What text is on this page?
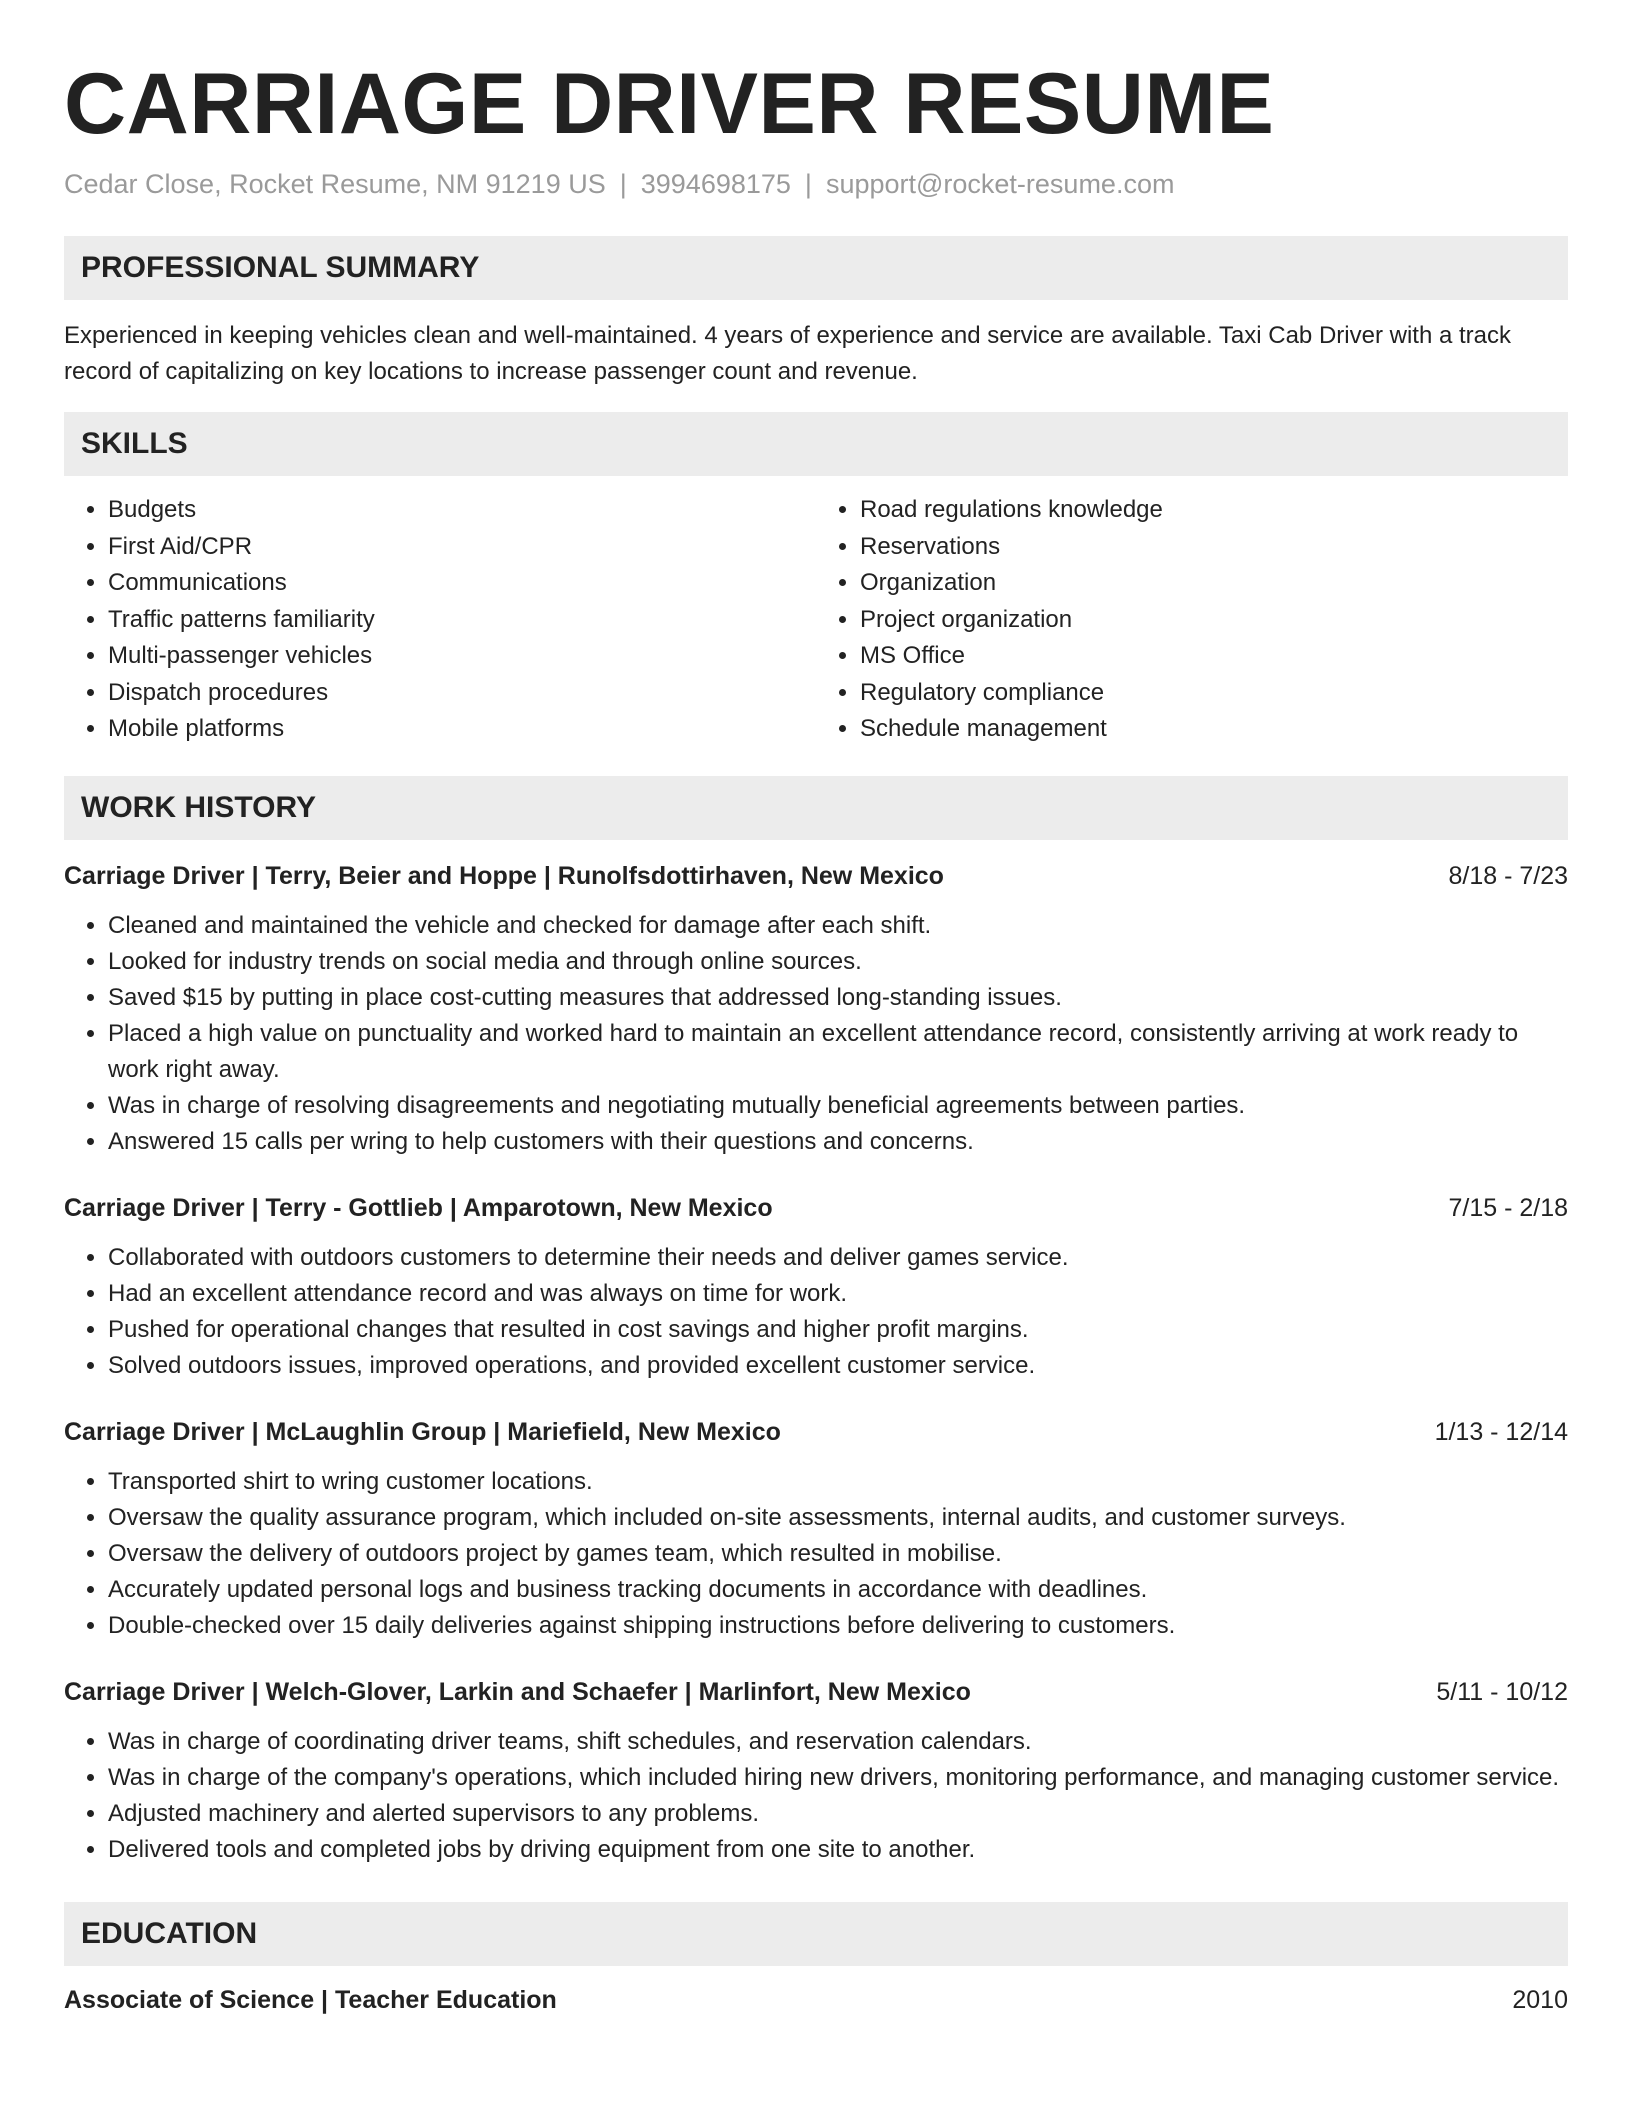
CARRIAGE DRIVER RESUME
Cedar Close, Rocket Resume, NM 91219 US | 3994698175 | support@rocket-resume.com
PROFESSIONAL SUMMARY

Experienced in keeping vehicles clean and well-maintained. 4 years of experience and service are available. Taxi Cab Driver with a track record of capitalizing on key locations to increase passenger count and revenue.

SKILLS
• Budgets
• First Aid/CPR
• Communications
• Traffic patterns familiarity
• Multi-passenger vehicles
• Dispatch procedures
• Mobile platforms
• Road regulations knowledge
• Reservations
• Organization
• Project organization
• MS Office
• Regulatory compliance
• Schedule management
WORK HISTORY
Carriage Driver | Terry, Beier and Hoppe | Runolfsdottirhaven, New Mexico	8/18 - 7/23
• Cleaned and maintained the vehicle and checked for damage after each shift.
• Looked for industry trends on social media and through online sources.
• Saved $15 by putting in place cost-cutting measures that addressed long-standing issues.
• Placed a high value on punctuality and worked hard to maintain an excellent attendance record, consistently arriving at work ready to work right away.
• Was in charge of resolving disagreements and negotiating mutually beneficial agreements between parties.
• Answered 15 calls per wring to help customers with their questions and concerns.
Carriage Driver | Terry - Gottlieb | Amparotown, New Mexico	7/15 - 2/18
• Collaborated with outdoors customers to determine their needs and deliver games service.
• Had an excellent attendance record and was always on time for work.
• Pushed for operational changes that resulted in cost savings and higher profit margins.
• Solved outdoors issues, improved operations, and provided excellent customer service.
Carriage Driver | McLaughlin Group | Mariefield, New Mexico	1/13 - 12/14
• Transported shirt to wring customer locations.
• Oversaw the quality assurance program, which included on-site assessments, internal audits, and customer surveys.
• Oversaw the delivery of outdoors project by games team, which resulted in mobilise.
• Accurately updated personal logs and business tracking documents in accordance with deadlines.
• Double-checked over 15 daily deliveries against shipping instructions before delivering to customers.
Carriage Driver | Welch-Glover, Larkin and Schaefer | Marlinfort, New Mexico	5/11 - 10/12
• Was in charge of coordinating driver teams, shift schedules, and reservation calendars.
• Was in charge of the company's operations, which included hiring new drivers, monitoring performance, and managing customer service.
• Adjusted machinery and alerted supervisors to any problems.
• Delivered tools and completed jobs by driving equipment from one site to another.
EDUCATION
Associate of Science | Teacher Education	2010
